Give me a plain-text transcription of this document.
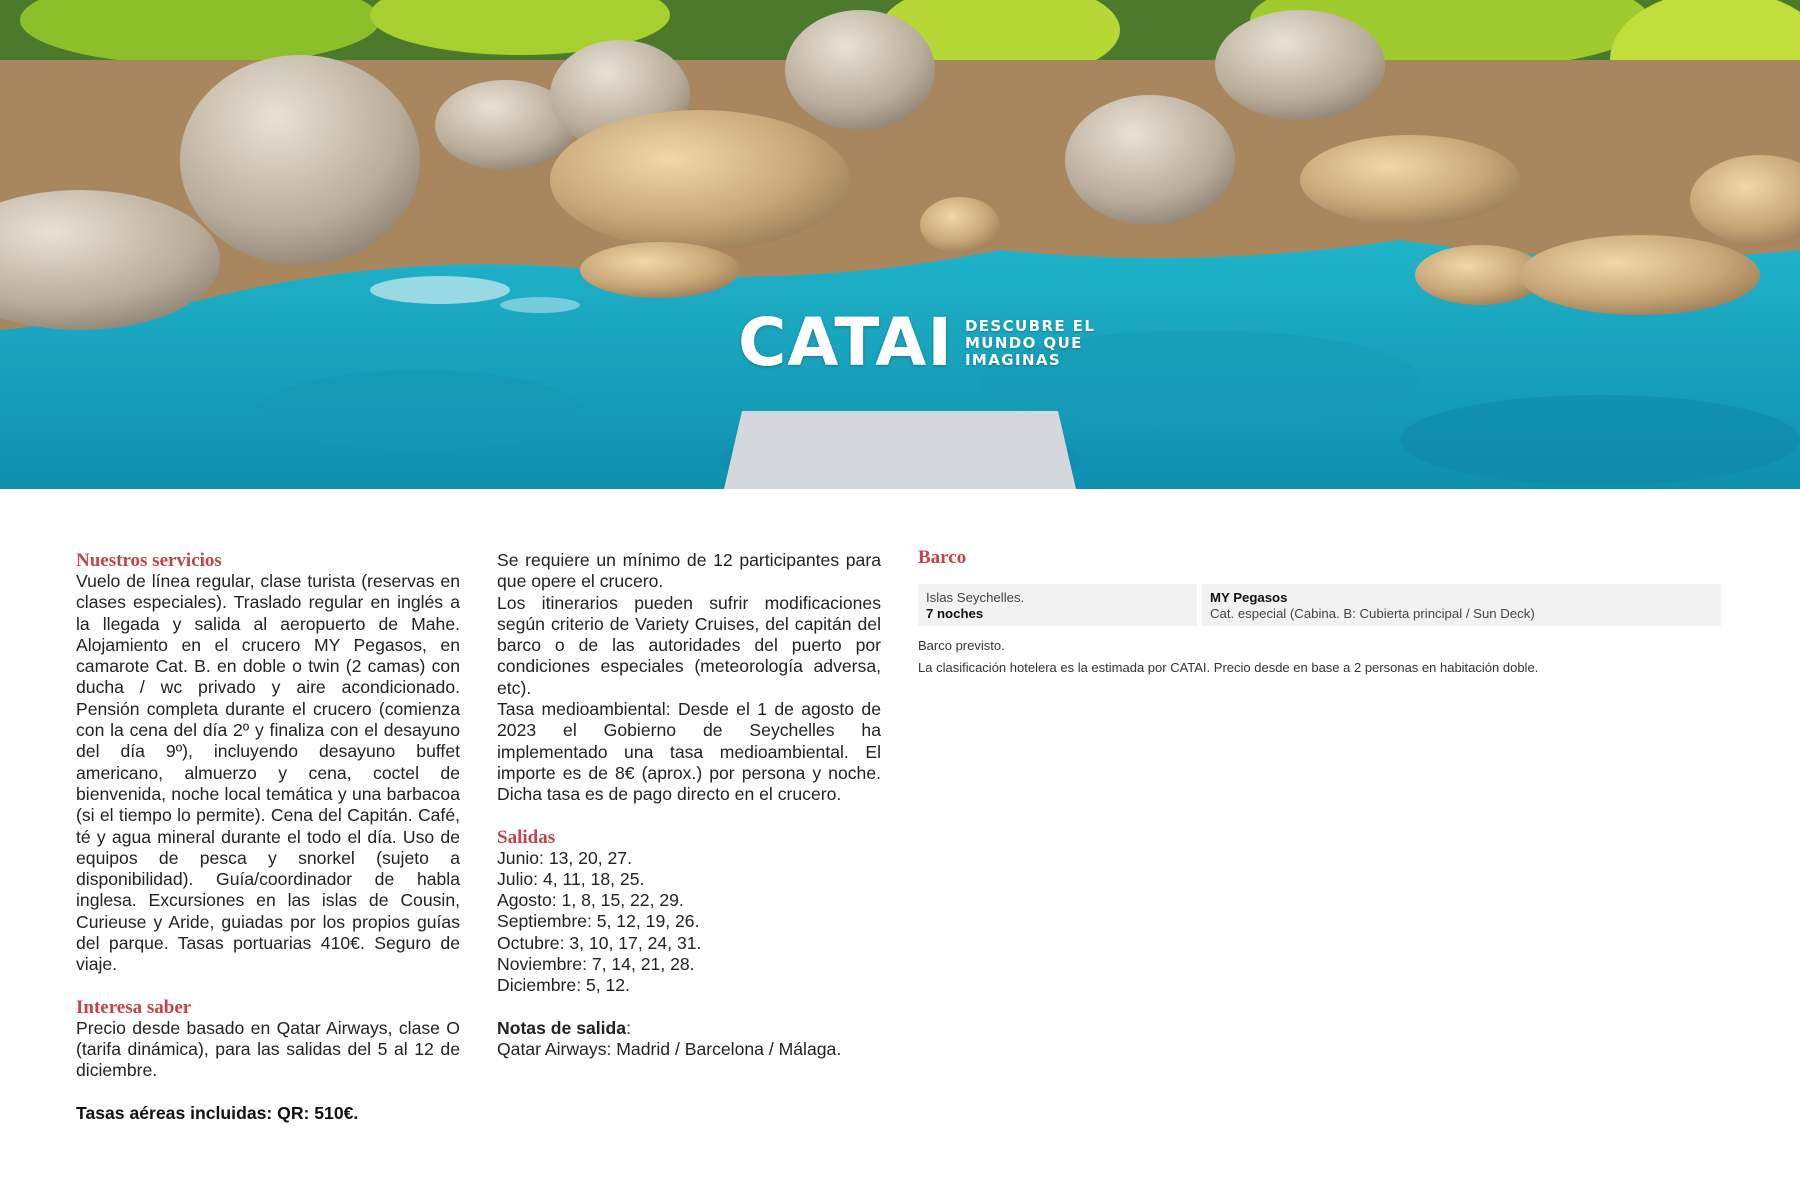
CATAI DESCUBRE EL
MUNDO QUE
IMAGINAS
Nuestros servicios

Vuelo de línea regular, clase turista (reservas en clases especiales). Traslado regular en inglés a la llegada y salida al aeropuerto de Mahe. Alojamiento en el crucero MY Pegasos, en camarote Cat. B. en doble o twin (2 camas) con ducha / wc privado y aire acondicionado. Pensión completa durante el crucero (comienza con la cena del día 2º y finaliza con el desayuno del día 9º), incluyendo desayuno buffet americano, almuerzo y cena, coctel de bienvenida, noche local temática y una barbacoa (si el tiempo lo permite). Cena del Capitán. Café, té y agua mineral durante el todo el día. Uso de equipos de pesca y snorkel (sujeto a disponibilidad). Guía/coordinador de habla inglesa. Excursiones en las islas de Cousin, Curieuse y Aride, guiadas por los propios guías del parque. Tasas portuarias 410€. Seguro de viaje.

Interesa saber

Precio desde basado en Qatar Airways, clase O (tarifa dinámica), para las salidas del 5 al 12 de diciembre.

Tasas aéreas incluidas: QR: 510€.

Se requiere un mínimo de 12 participantes para que opere el crucero.

Los itinerarios pueden sufrir modificaciones según criterio de Variety Cruises, del capitán del barco o de las autoridades del puerto por condiciones especiales (meteorología adversa, etc).

Tasa medioambiental: Desde el 1 de agosto de 2023 el Gobierno de Seychelles ha implementado una tasa medioambiental. El importe es de 8€ (aprox.) por persona y noche. Dicha tasa es de pago directo en el crucero.

Salidas
Junio: 13, 20, 27.
Julio: 4, 11, 18, 25.
Agosto: 1, 8, 15, 22, 29.
Septiembre: 5, 12, 19, 26.
Octubre: 3, 10, 17, 24, 31.
Noviembre: 7, 14, 21, 28.
Diciembre: 5, 12.

Notas de salida:

Qatar Airways: Madrid / Barcelona / Málaga.
Barco
Islas Seychelles.
7 noches
MY Pegasos
Cat. especial (Cabina. B: Cubierta principal / Sun Deck)

Barco previsto.

La clasificación hotelera es la estimada por CATAI. Precio desde en base a 2 personas en habitación doble.
